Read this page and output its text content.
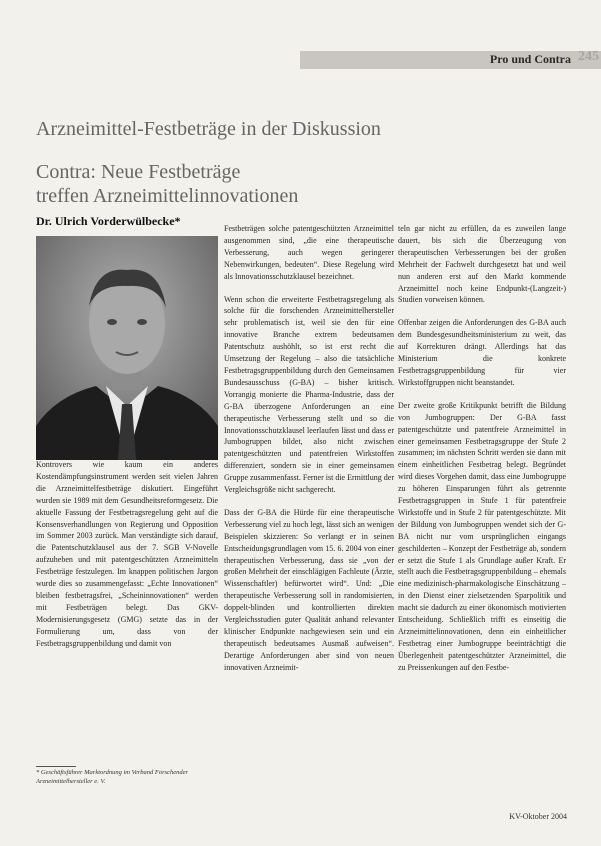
Pro und Contra 245
Arzneimittel-Festbeträge in der Diskussion
Contra: Neue Festbeträge
treffen Arzneimittelinnovationen
Dr. Ulrich Vorderwülbecke*

Kontrovers wie kaum ein anderes Kostendämpfungsinstrument werden seit vielen Jahren die Arzneimittelfestbeträge diskutiert. Eingeführt wurden sie 1989 mit dem Gesundheitsreformgesetz. Die aktuelle Fassung der Festbetragsregelung geht auf die Konsensverhandlungen von Regierung und Opposition im Sommer 2003 zurück. Man verständigte sich darauf, die Patentschutzklausel aus der 7. SGB V-Novelle aufzuheben und mit patentgeschützten Arzneimitteln Festbeträge festzulegen. Im knappen politischen Jargon wurde dies so zusammengefasst: „Echte Innovationen“ bleiben festbetragsfrei, „Scheininnovationen“ werden mit Festbeträgen belegt. Das GKV-Modernisierungsgesetz (GMG) setzte das in der Formulierung um, dass von der Festbetragsgruppenbildung und damit von

* Geschäftsführer Marktordnung im Verband Forschender Arzneimittelhersteller e. V.

Festbeträgen solche patentgeschützten Arzneimittel ausgenommen sind, „die eine therapeutische Verbesserung, auch wegen geringerer Nebenwirkungen, bedeuten“. Diese Regelung wird als Innovationsschutzklausel bezeichnet.

Wenn schon die erweiterte Festbetragsregelung als solche für die forschenden Arzneimittelhersteller sehr problematisch ist, weil sie den für eine innovative Branche extrem bedeutsamen Patentschutz aushöhlt, so ist erst recht die Umsetzung der Regelung – also die tatsächliche Festbetragsgruppenbildung durch den Gemeinsamen Bundesausschuss (G-BA) – bisher kritisch. Vorrangig monierte die Pharma-Industrie, dass der G-BA überzogene Anforderungen an eine therapeutische Verbesserung stellt und so die Innovationsschutzklausel leerlaufen lässt und dass er Jumbogruppen bildet, also nicht zwischen patentgeschützten und patentfreien Wirkstoffen differenziert, sondern sie in einer gemeinsamen Gruppe zusammenfasst. Ferner ist die Ermittlung der Vergleichsgröße nicht sachgerecht.

Dass der G-BA die Hürde für eine therapeutische Verbesserung viel zu hoch legt, lässt sich an wenigen Beispielen skizzieren: So verlangt er in seinen Entscheidungsgrundlagen vom 15. 6. 2004 von einer therapeutischen Verbesserung, dass sie „von der großen Mehrheit der einschlägigen Fachleute (Ärzte, Wissenschaftler) befürwortet wird“. Und: „Die therapeutische Verbesserung soll in randomisierten, doppelt-blinden und kontrollierten direkten Vergleichsstudien guter Qualität anhand relevanter klinischer Endpunkte nachgewiesen sein und ein therapeutisch bedeutsames Ausmaß aufweisen“. Derartige Anforderungen aber sind von neuen innovativen Arzneimit-

teln gar nicht zu erfüllen, da es zuweilen lange dauert, bis sich die Überzeugung von therapeutischen Verbesserungen bei der großen Mehrheit der Fachwelt durchgesetzt hat und weil nun anderen erst auf den Markt kommende Arzneimittel noch keine Endpunkt-(Langzeit-) Studien vorweisen können.

Offenbar zeigen die Anforderungen des G-BA auch dem Bundesgesundheitsministerium zu weit, das auf Korrekturen drängt. Allerdings hat das Ministerium die konkrete Festbetragsgruppenbildung für vier Wirkstoffgruppen nicht beanstandet.

Der zweite große Kritikpunkt betrifft die Bildung von Jumbogruppen: Der G-BA fasst patentgeschützte und patentfreie Arzneimittel in einer gemeinsamen Festbetragsgruppe der Stufe 2 zusammen; im nächsten Schritt werden sie dann mit einem einheitlichen Festbetrag belegt. Begründet wird dieses Vorgehen damit, dass eine Jumbogruppe zu höheren Einsparungen führt als getrennte Festbetragsgruppen in Stufe 1 für patentfreie Wirkstoffe und in Stufe 2 für patentgeschützte. Mit der Bildung von Jumbogruppen wendet sich der G-BA nicht nur vom ursprünglichen eingangs geschilderten – Konzept der Festbeträge ab, sondern er setzt die Stufe 1 als Grundlage außer Kraft. Er stellt auch die Festbetragsgruppenbildung – ehemals eine medizinisch-pharmakologische Einschätzung – in den Dienst einer zielsetzenden Sparpolitik und macht sie dadurch zu einer ökonomisch motivierten Entscheidung. Schließlich trifft es einseitig die Arzneimittelinnovationen, denn ein einheitlicher Festbetrag einer Jumbogruppe beeinträchtigt die Überlegenheit patentgeschützter Arzneimittel, die zu Preissenkungen auf den Festbe-

KV-Oktober 2004
